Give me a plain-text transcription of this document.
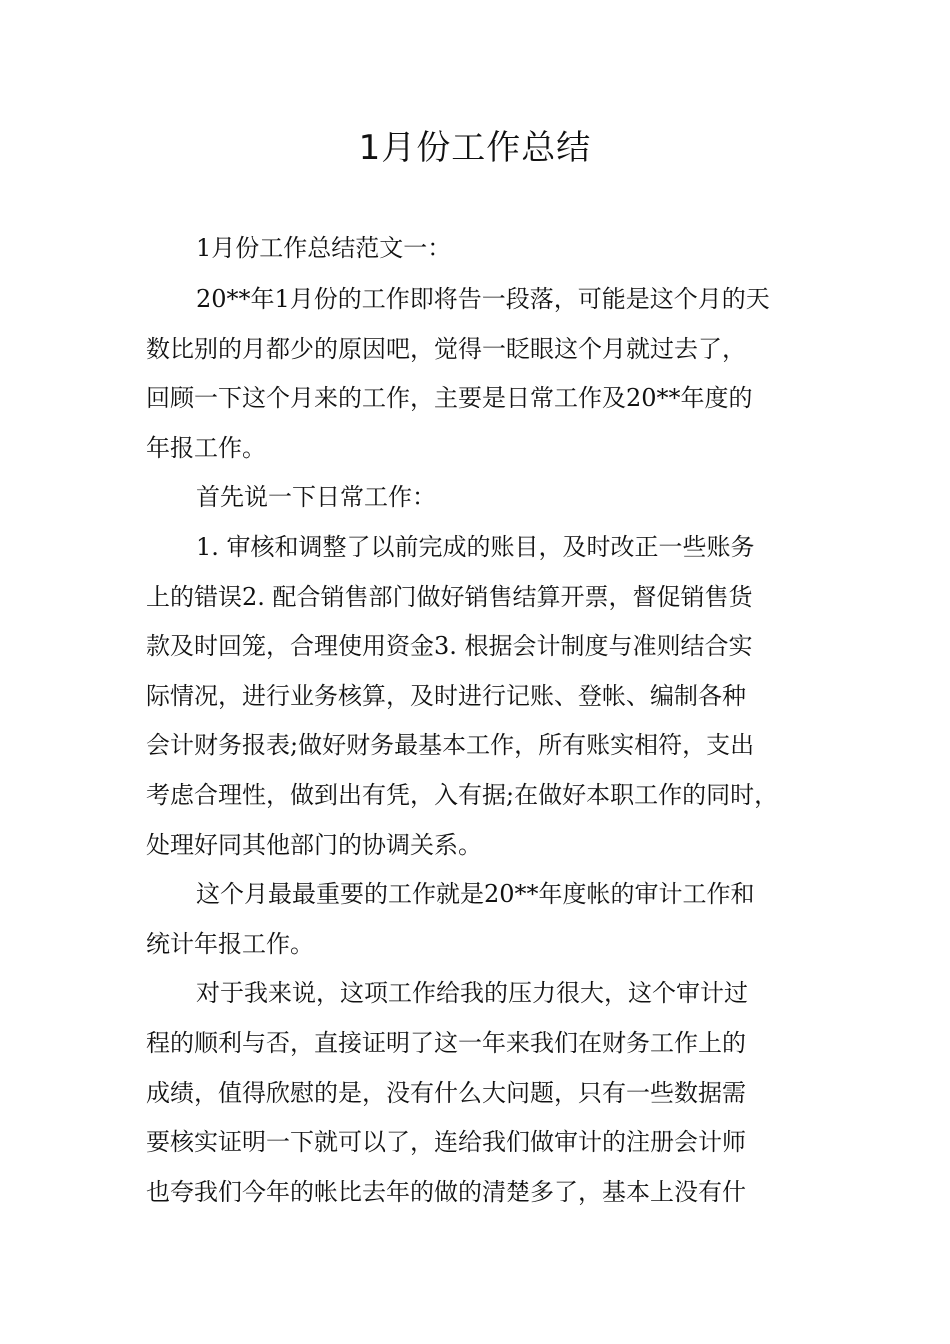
1月份工作总结
1月份工作总结范文一：
20**年1月份的工作即将告一段落，可能是这个月的天
数比别的月都少的原因吧，觉得一眨眼这个月就过去了，
回顾一下这个月来的工作，主要是日常工作及20**年度的
年报工作。
首先说一下日常工作：
1. 审核和调整了以前完成的账目，及时改正一些账务
上的错误2. 配合销售部门做好销售结算开票，督促销售货
款及时回笼，合理使用资金3. 根据会计制度与准则结合实
际情况，进行业务核算，及时进行记账、登帐、编制各种
会计财务报表;做好财务最基本工作，所有账实相符，支出
考虑合理性，做到出有凭，入有据;在做好本职工作的同时，
处理好同其他部门的协调关系。
这个月最最重要的工作就是20**年度帐的审计工作和
统计年报工作。
对于我来说，这项工作给我的压力很大，这个审计过
程的顺利与否，直接证明了这一年来我们在财务工作上的
成绩，值得欣慰的是，没有什么大问题，只有一些数据需
要核实证明一下就可以了，连给我们做审计的注册会计师
也夸我们今年的帐比去年的做的清楚多了，基本上没有什
